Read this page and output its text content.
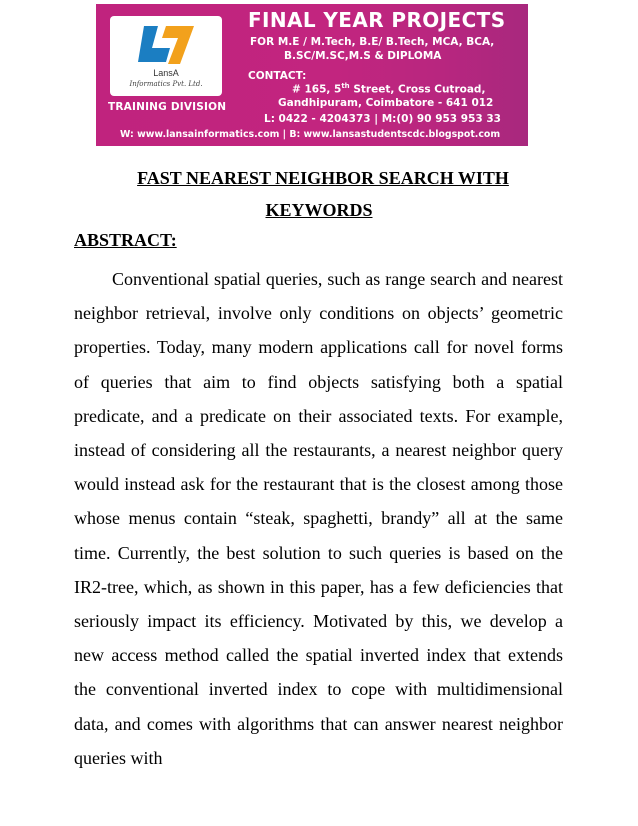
LansA
Informatics Pvt. Ltd.
TRAINING DIVISION
FINAL YEAR PROJECTS
FOR M.E / M.Tech, B.E/ B.Tech, MCA, BCA,
B.SC/M.SC,M.S & DIPLOMA
CONTACT:
# 165, 5th Street, Cross Cutroad,
Gandhipuram, Coimbatore - 641 012
L: 0422 - 4204373 | M:(0) 90 953 953 33
W: www.lansainformatics.com | B: www.lansastudentscdc.blogspot.com
FAST NEAREST NEIGHBOR SEARCH WITH
KEYWORDS
ABSTRACT:
Conventional spatial queries, such as range search and nearest neighbor retrieval, involve only conditions on objects’ geometric properties. Today, many modern applications call for novel forms of queries that aim to find objects satisfying both a spatial predicate, and a predicate on their associated texts. For example, instead of considering all the restaurants, a nearest neighbor query would instead ask for the restaurant that is the closest among those whose menus contain “steak, spaghetti, brandy” all at the same time. Currently, the best solution to such queries is based on the IR2-tree, which, as shown in this paper, has a few deficiencies that seriously impact its efficiency. Motivated by this, we develop a new access method called the spatial inverted index that extends the conventional inverted index to cope with multidimensional data, and comes with algorithms that can answer nearest neighbor queries with
